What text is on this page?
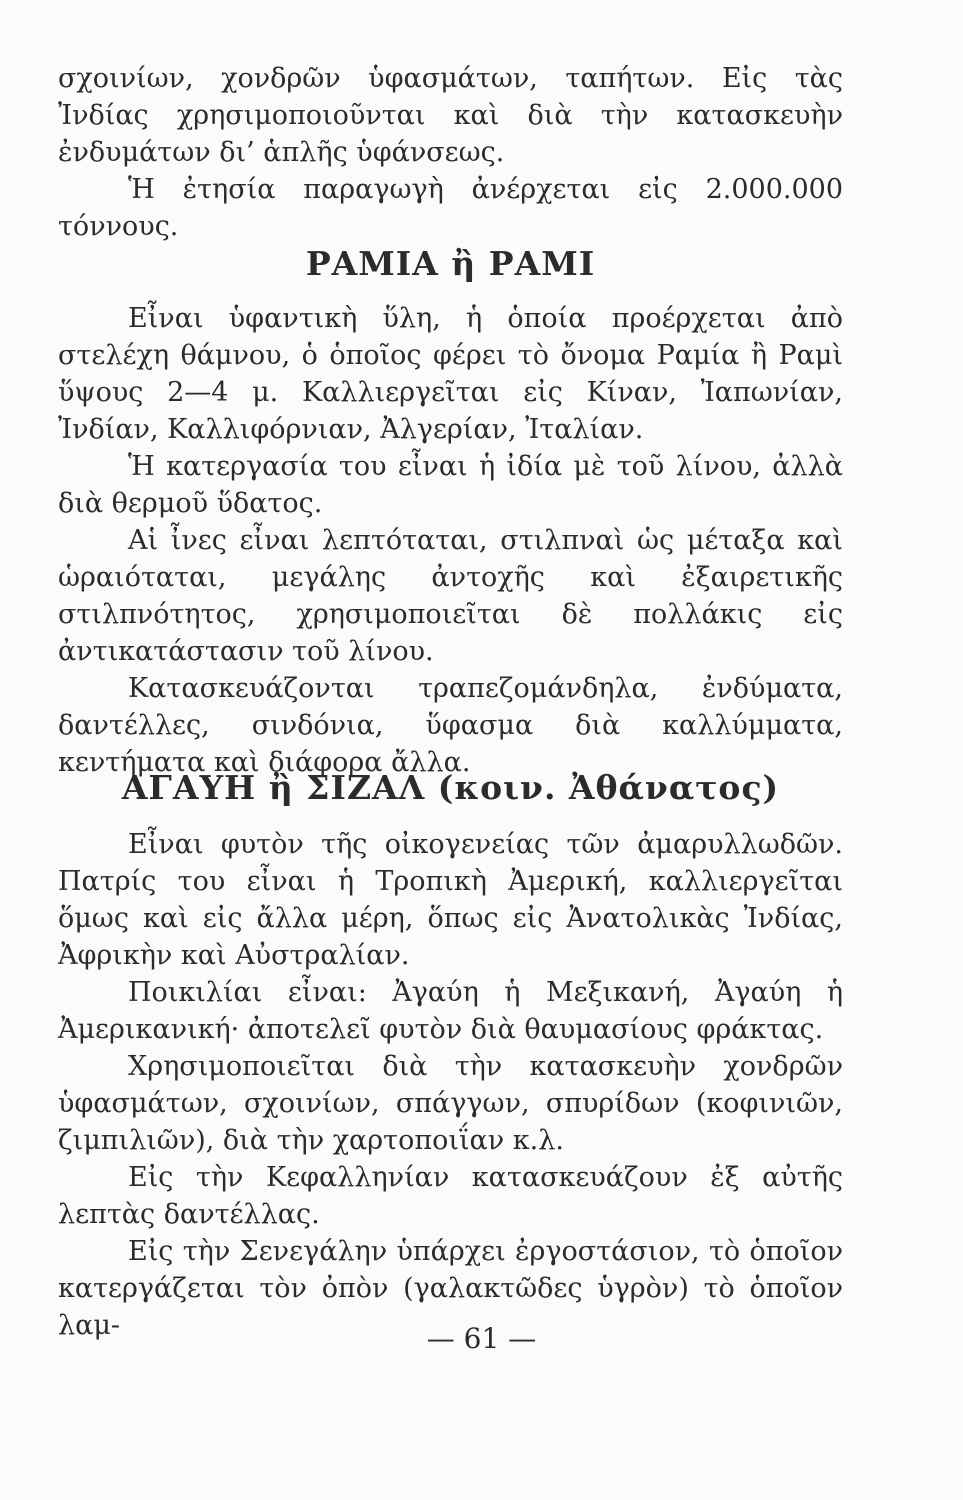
σχοινίων, χονδρῶν ὑφασμάτων, ταπήτων. Εἰς τὰς Ἰνδίας χρησιμοποιοῦνται καὶ διὰ τὴν κατασκευὴν ἐνδυμάτων δι’ ἁπλῆς ὑφάνσεως.

Ἡ ἐτησία παραγωγὴ ἀνέρχεται εἰς 2.000.000 τόννους.

ΡΑΜΙΑ ἢ ΡΑΜΙ

Εἶναι ὑφαντικὴ ὕλη, ἡ ὁποία προέρχεται ἀπὸ στελέχη θάμνου, ὁ ὁποῖος φέρει τὸ ὄνομα Ραμία ἢ Ραμὶ ὕψους 2—4 μ. Καλλιεργεῖται εἰς Κίναν, Ἰαπωνίαν, Ἰνδίαν, Καλλιφόρνιαν, Ἀλγερίαν, Ἰταλίαν.

Ἡ κατεργασία του εἶναι ἡ ἰδία μὲ τοῦ λίνου, ἀλλὰ διὰ θερμοῦ ὕδατος.

Αἱ ἶνες εἶναι λεπτόταται, στιλπναὶ ὡς μέταξα καὶ ὡραιόταται, μεγάλης ἀντοχῆς καὶ ἐξαιρετικῆς στιλπνότητος, χρησιμοποιεῖται δὲ πολλάκις εἰς ἀντικατάστασιν τοῦ λίνου.

Κατασκευάζονται τραπεζομάνδηλα, ἐνδύματα, δαντέλλες, σινδόνια, ὕφασμα διὰ καλλύμματα, κεντήματα καὶ διάφορα ἄλλα.

ΑΓΑΥΗ ἢ ΣΙΖΑΛ (κοιν. Ἀθάνατος)

Εἶναι φυτὸν τῆς οἰκογενείας τῶν ἀμαρυλλωδῶν. Πατρίς του εἶναι ἡ Τροπικὴ Ἀμερική, καλλιεργεῖται ὅμως καὶ εἰς ἄλλα μέρη, ὅπως εἰς Ἀνατολικὰς Ἰνδίας, Ἀφρικὴν καὶ Αὐστραλίαν.

Ποικιλίαι εἶναι: Ἀγαύη ἡ Μεξικανή, Ἀγαύη ἡ Ἀμερικανική· ἀποτελεῖ φυτὸν διὰ θαυμασίους φράκτας.

Χρησιμοποιεῖται διὰ τὴν κατασκευὴν χονδρῶν ὑφασμάτων, σχοινίων, σπάγγων, σπυρίδων (κοφινιῶν, ζιμπιλιῶν), διὰ τὴν χαρτοποιΐαν κ.λ.

Εἰς τὴν Κεφαλληνίαν κατασκευάζουν ἐξ αὐτῆς λεπτὰς δαντέλλας.

Εἰς τὴν Σενεγάλην ὑπάρχει ἐργοστάσιον, τὸ ὁποῖον κατεργάζεται τὸν ὀπὸν (γαλακτῶδες ὑγρὸν) τὸ ὁποῖον λαμ-	— 61 —
